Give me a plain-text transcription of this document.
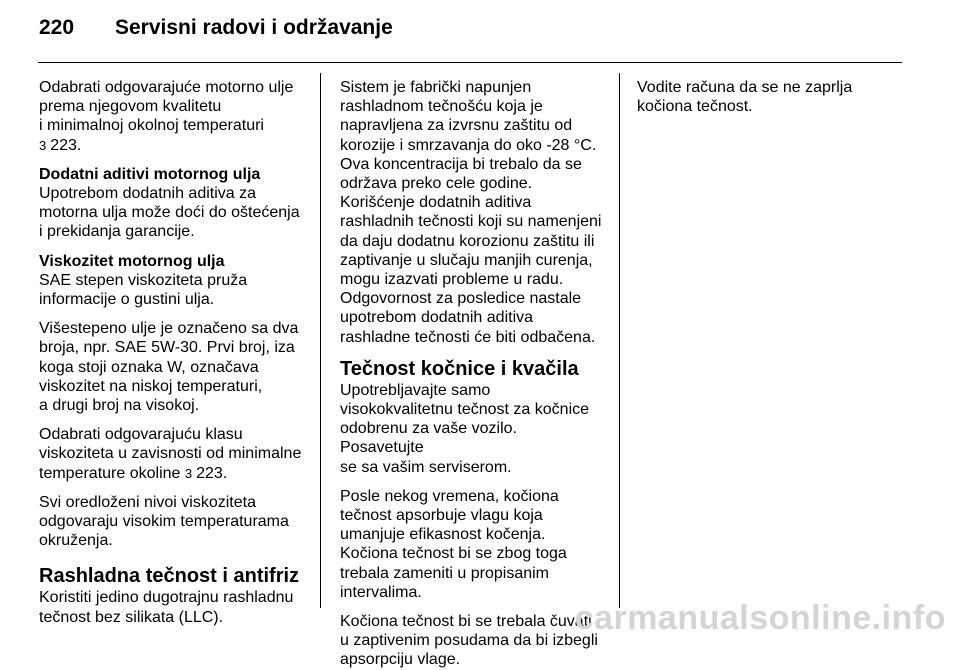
220	Servisni radovi i održavanje

Odabrati odgovarajuće motorno ulje
prema njegovom kvalitetu
i minimalnoj okolnoj temperaturi
3 223.

Dodatni aditivi motornog ulja

Upotrebom dodatnih aditiva za
motorna ulja može doći do oštećenja
i prekidanja garancije.

Viskozitet motornog ulja

SAE stepen viskoziteta pruža
informacije o gustini ulja.

Višestepeno ulje je označeno sa dva
broja, npr. SAE 5W-30. Prvi broj, iza
koga stoji oznaka W, označava
viskozitet na niskoj temperaturi,
a drugi broj na visokoj.

Odabrati odgovarajuću klasu
viskoziteta u zavisnosti od minimalne
temperature okoline 3 223.

Svi oredloženi nivoi viskoziteta
odgovaraju visokim temperaturama
okruženja.

Rashladna tečnost i antifriz

Koristiti jedino dugotrajnu rashladnu
tečnost bez silikata (LLC).

Sistem je fabrički napunjen
rashladnom tečnošću koja je
napravljena za izvrsnu zaštitu od
korozije i smrzavanja do oko -28 °C.
Ova koncentracija bi trebalo da se
održava preko cele godine.
Korišćenje dodatnih aditiva
rashladnih tečnosti koji su namenjeni
da daju dodatnu korozionu zaštitu ili
zaptivanje u slučaju manjih curenja,
mogu izazvati probleme u radu.
Odgovornost za posledice nastale
upotrebom dodatnih aditiva
rashladne tečnosti će biti odbačena.

Tečnost kočnice i kvačila

Upotrebljavajte samo
visokokvalitetnu tečnost za kočnice
odobrenu za vaše vozilo. Posavetujte
se sa vašim serviserom.

Posle nekog vremena, kočiona
tečnost apsorbuje vlagu koja
umanjuje efikasnost kočenja.
Kočiona tečnost bi se zbog toga
trebala zameniti u propisanim
intervalima.

Kočiona tečnost bi se trebala čuvati
u zaptivenim posudama da bi izbegli
apsorpciju vlage.

Vodite računa da se ne zaprlja
kočiona tečnost.

carmanualsonline.info
